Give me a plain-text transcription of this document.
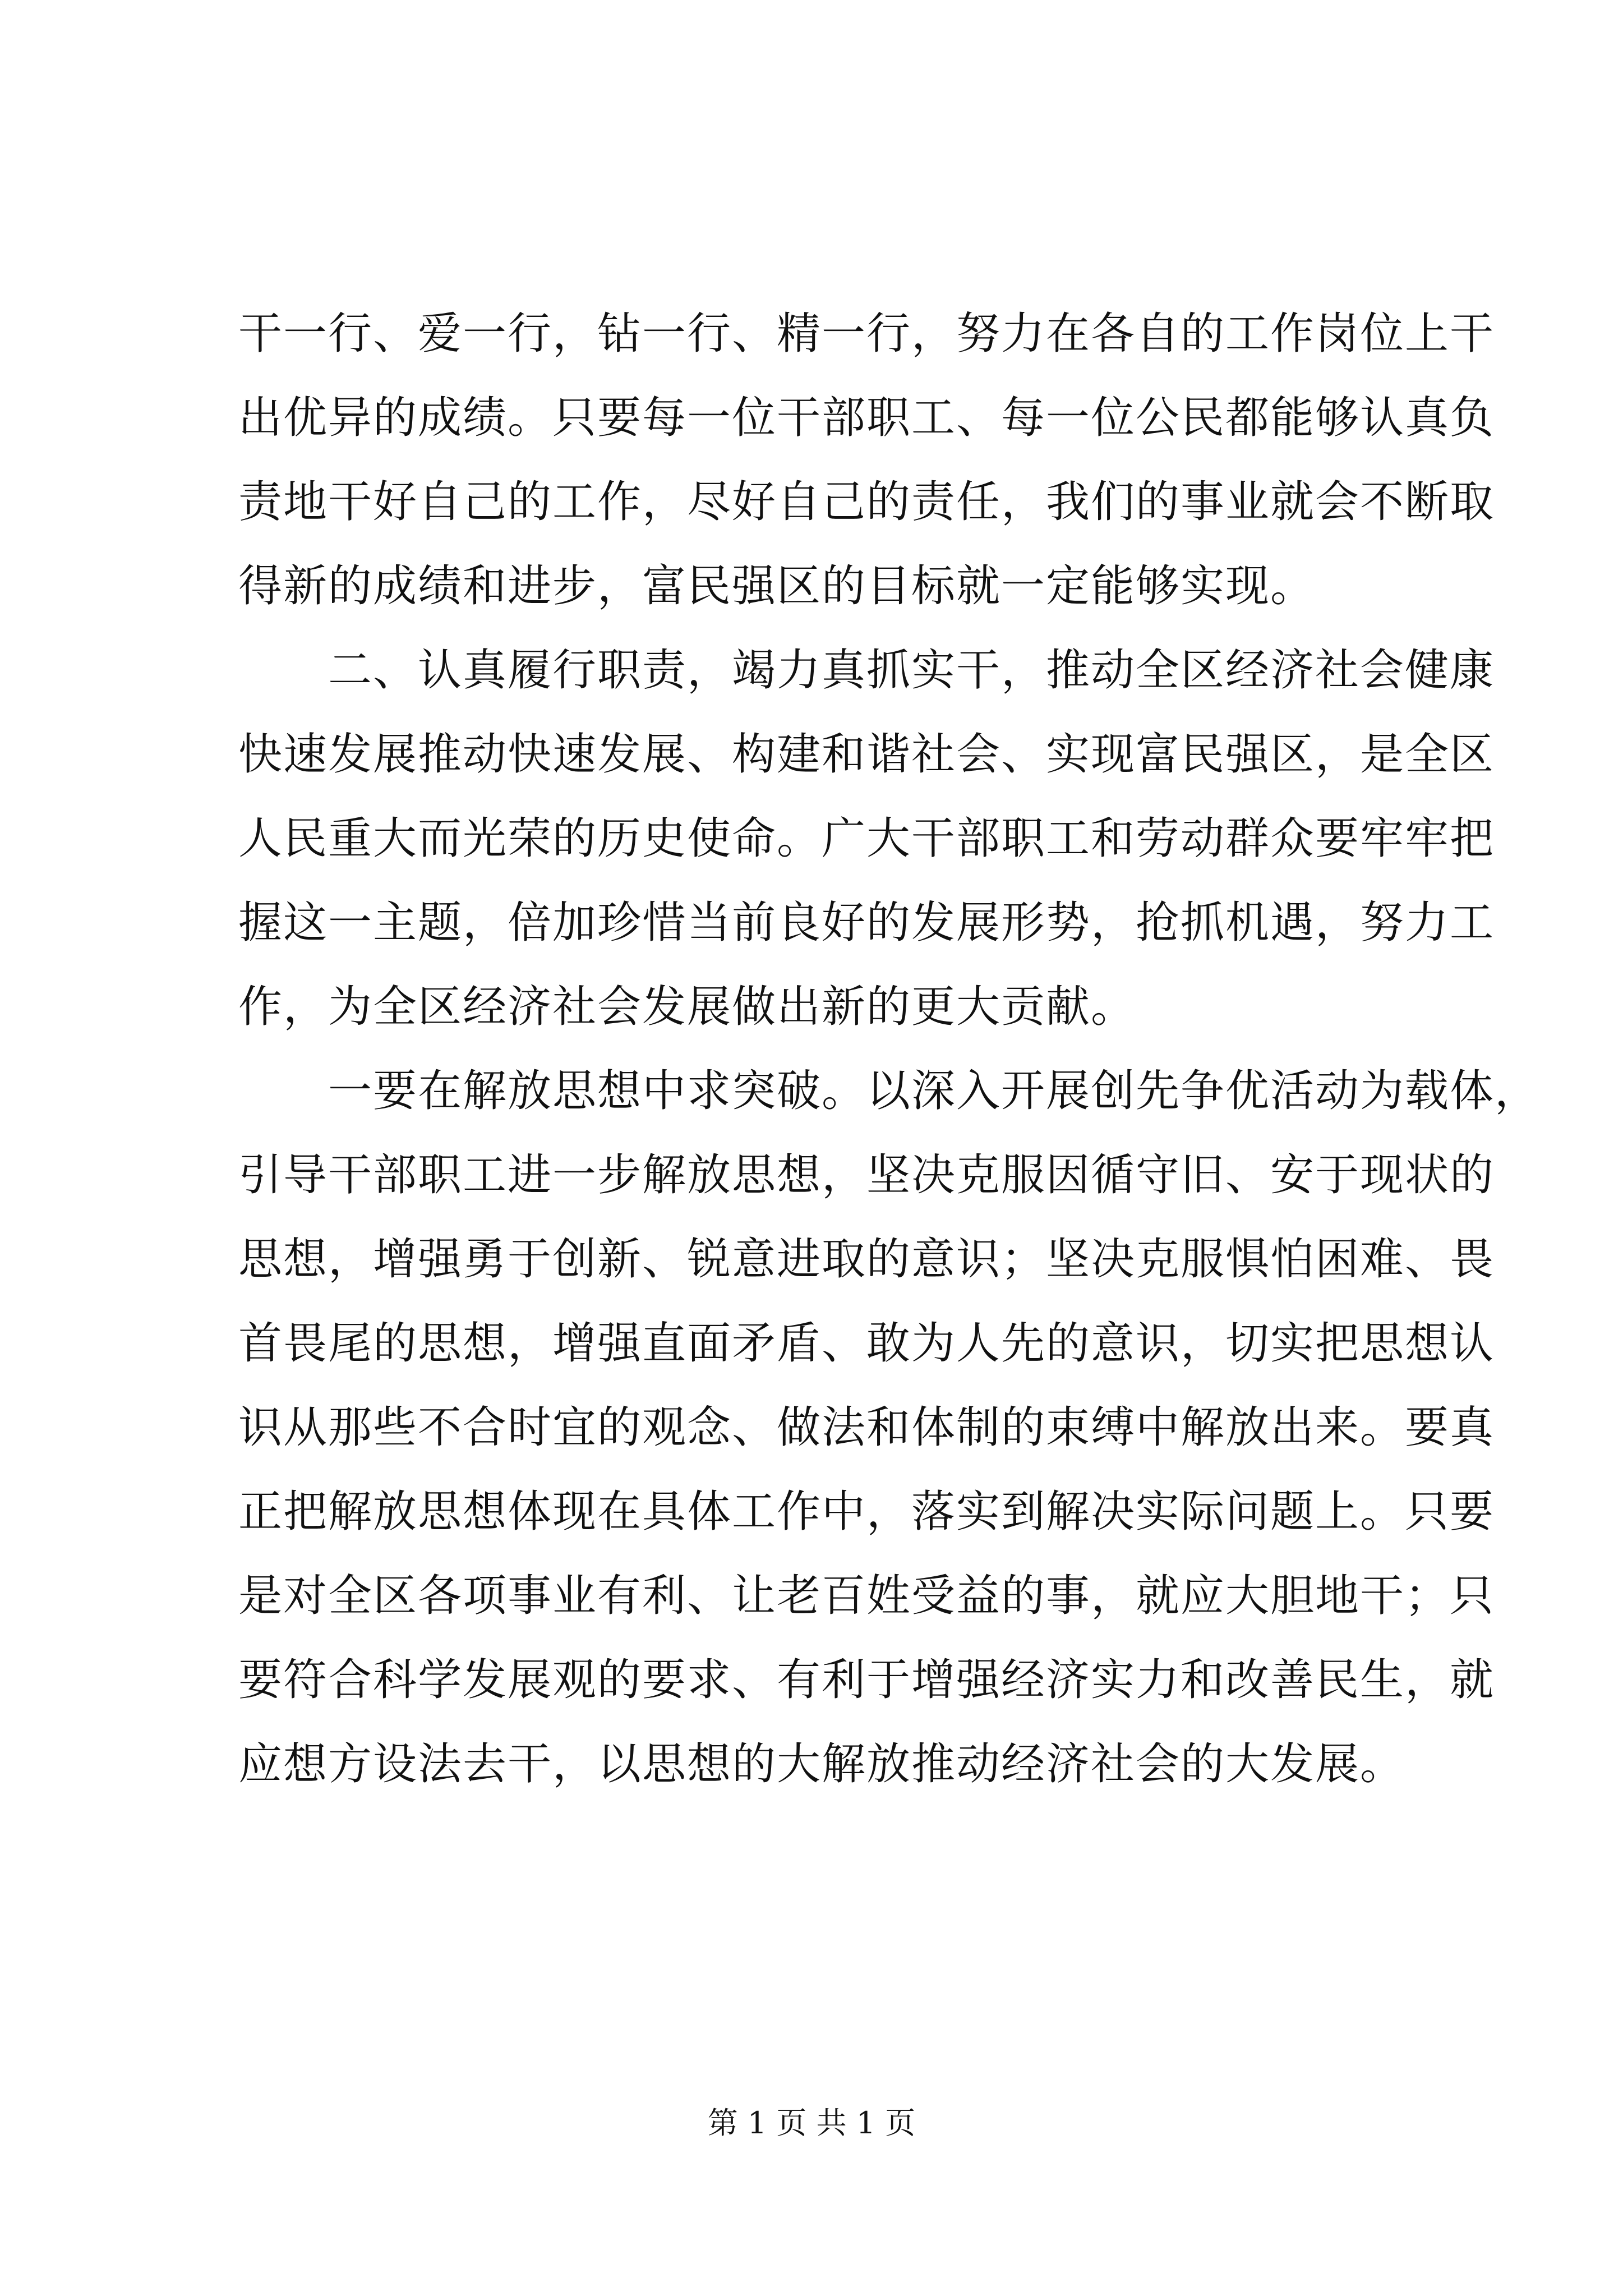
干一行、爱一行，钻一行、精一行，努力在各自的工作岗位上干
出优异的成绩。只要每一位干部职工、每一位公民都能够认真负
责地干好自己的工作，尽好自己的责任，我们的事业就会不断取
得新的成绩和进步，富民强区的目标就一定能够实现。
二、认真履行职责，竭力真抓实干，推动全区经济社会健康
快速发展推动快速发展、构建和谐社会、实现富民强区，是全区
人民重大而光荣的历史使命。广大干部职工和劳动群众要牢牢把
握这一主题，倍加珍惜当前良好的发展形势，抢抓机遇，努力工
作，为全区经济社会发展做出新的更大贡献。
一要在解放思想中求突破。以深入开展创先争优活动为载体，
引导干部职工进一步解放思想，坚决克服因循守旧、安于现状的
思想，增强勇于创新、锐意进取的意识；坚决克服惧怕困难、畏
首畏尾的思想，增强直面矛盾、敢为人先的意识，切实把思想认
识从那些不合时宜的观念、做法和体制的束缚中解放出来。要真
正把解放思想体现在具体工作中，落实到解决实际问题上。只要
是对全区各项事业有利、让老百姓受益的事，就应大胆地干；只
要符合科学发展观的要求、有利于增强经济实力和改善民生，就
应想方设法去干，以思想的大解放推动经济社会的大发展。
第 1 页 共 1 页
